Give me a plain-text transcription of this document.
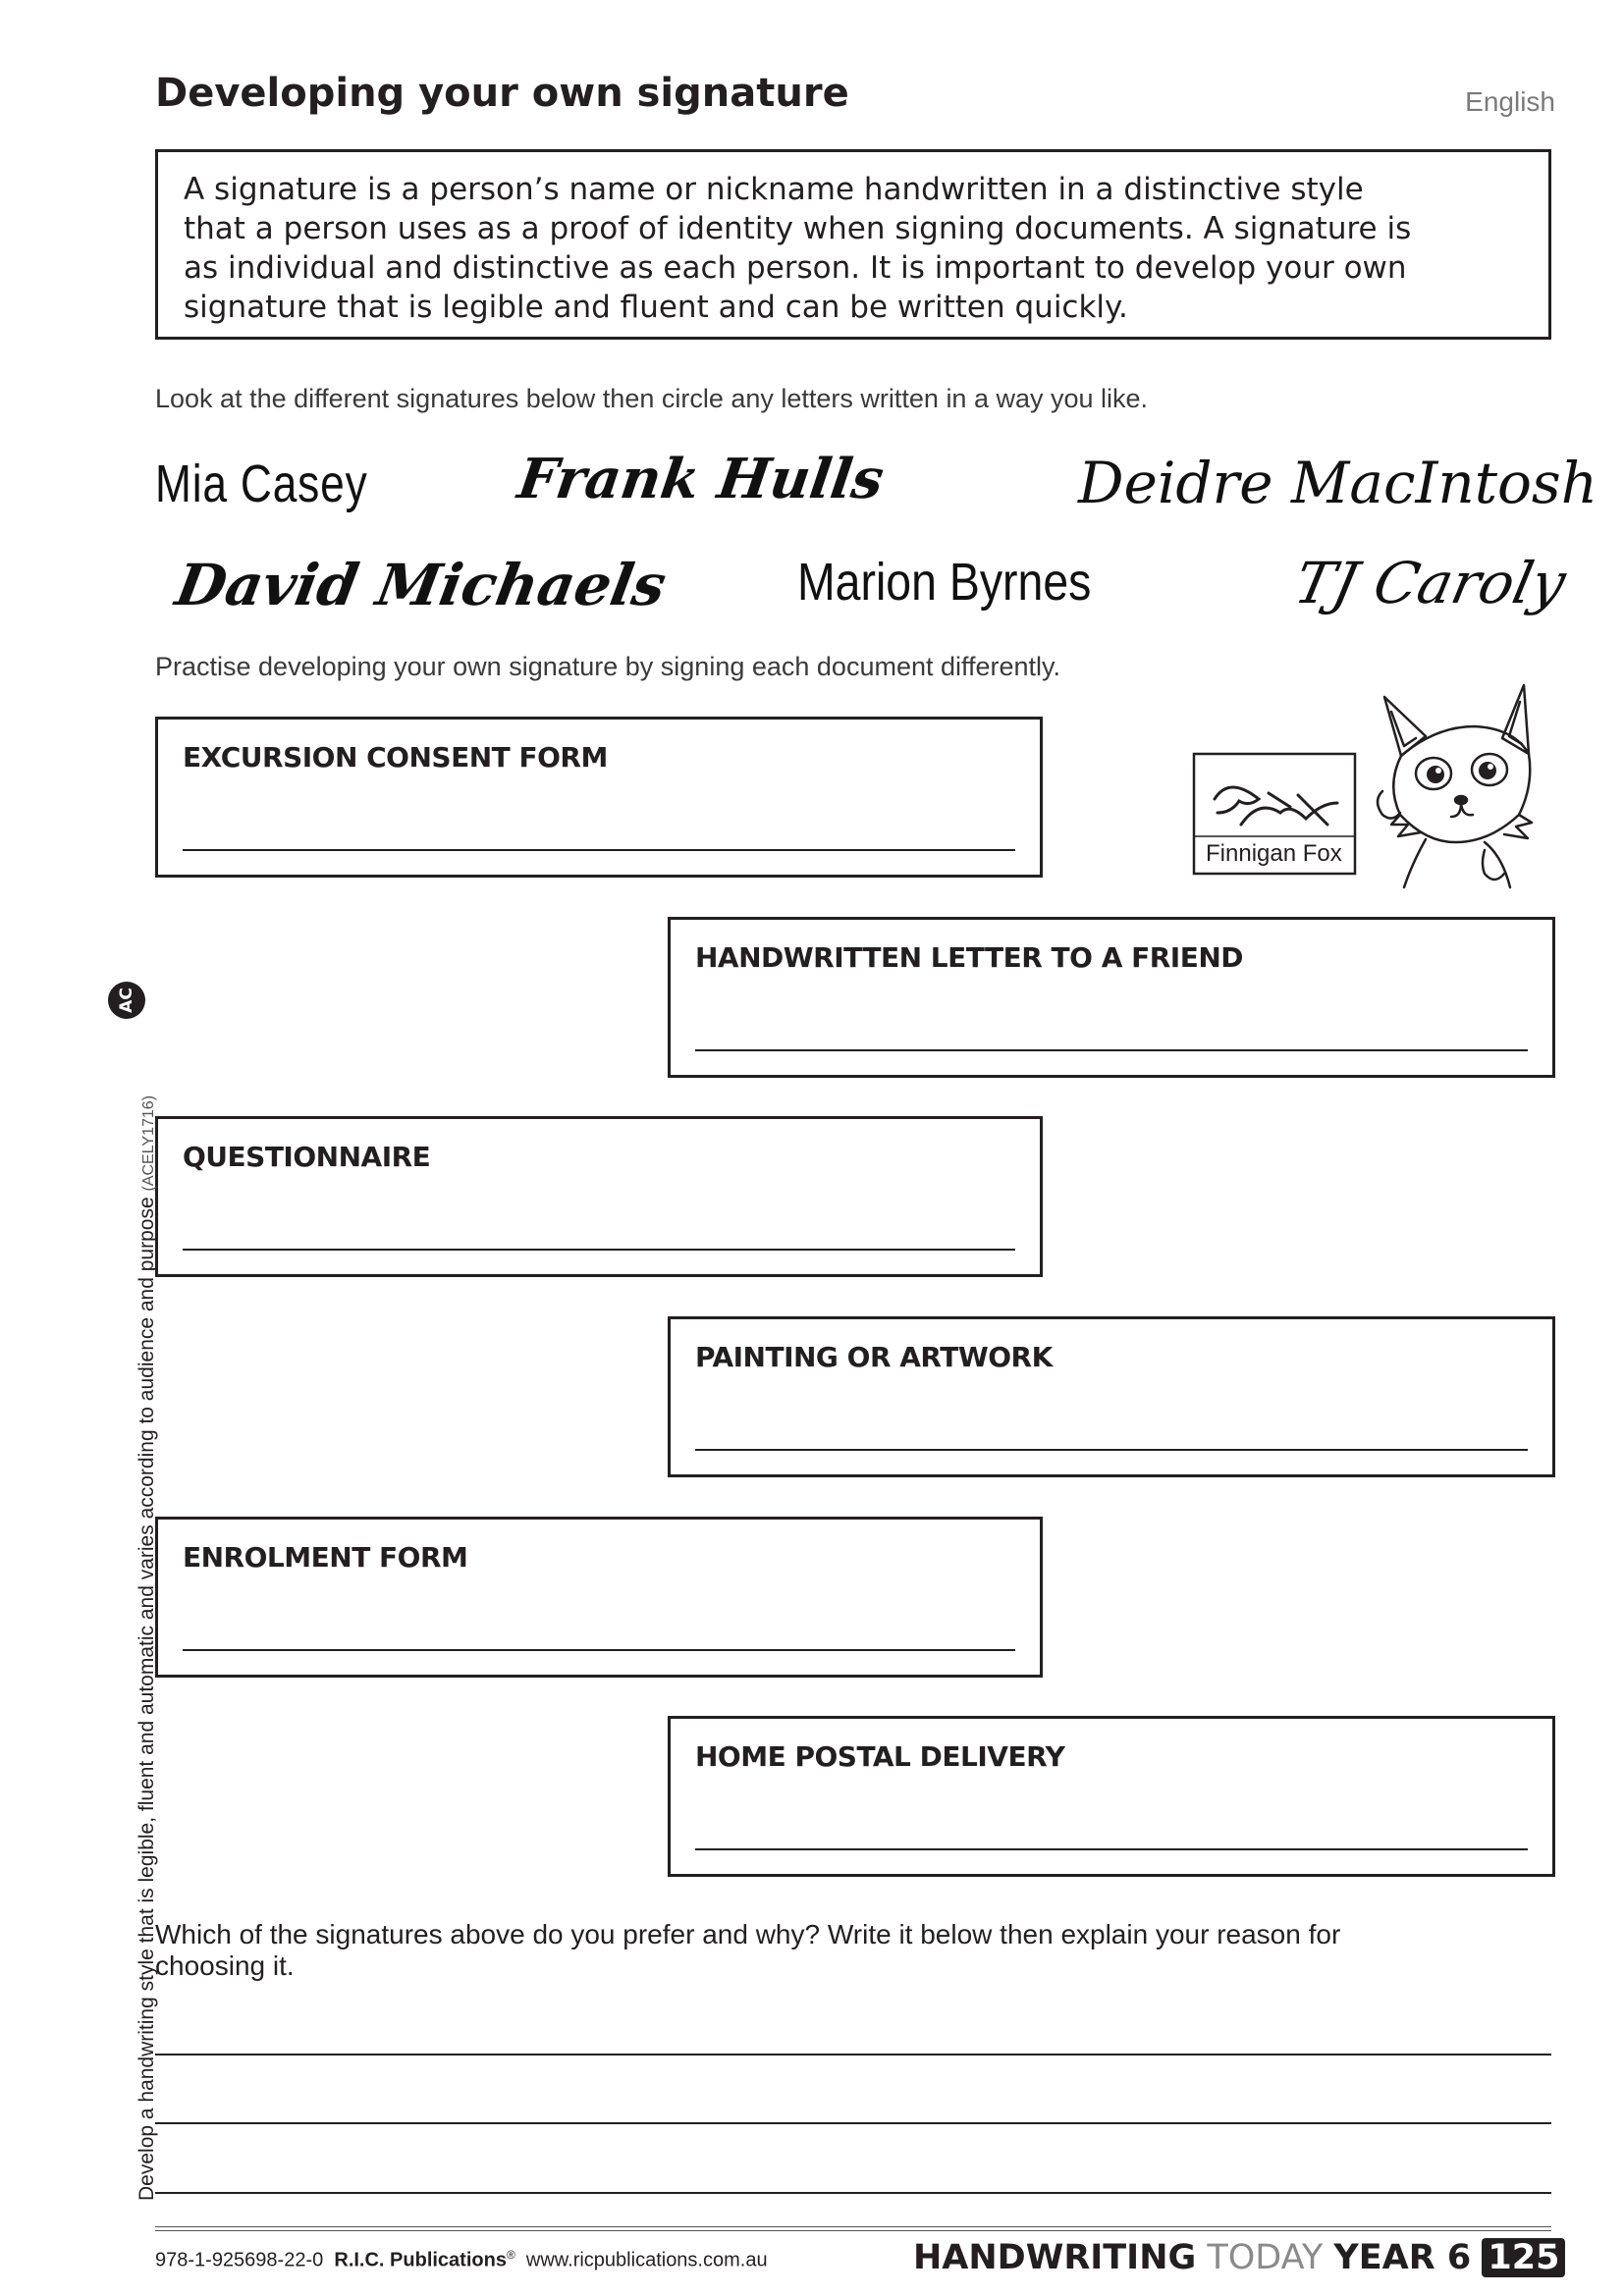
Developing your own signature	English
A signature is a person’s name or nickname handwritten in a distinctive style
that a person uses as a proof of identity when signing documents. A signature is
as individual and distinctive as each person. It is important to develop your own
signature that is legible and fluent and can be written quickly.
Look at the different signatures below then circle any letters written in a way you like.
Mia Casey	Frank Hulls	Deidre MacIntosh
David Michaels Marion Byrnes	TJ Caroly
Practise developing your own signature by signing each document differently.
EXCURSION CONSENT FORM
HANDWRITTEN LETTER TO A FRIEND
QUESTIONNAIRE
PAINTING OR ARTWORK
ENROLMENT FORM
HOME POSTAL DELIVERY
Finnigan Fox
Which of the signatures above do you prefer and why? Write it below then explain your reason for
choosing it.
Develop a handwriting style that is legible, fluent and automatic and varies according to audience and purpose (ACELY1716)
AC
978-1-925698-22-0 R.I.C. Publications® www.ricpublications.com.au	HANDWRITING TODAY YEAR 6 125
